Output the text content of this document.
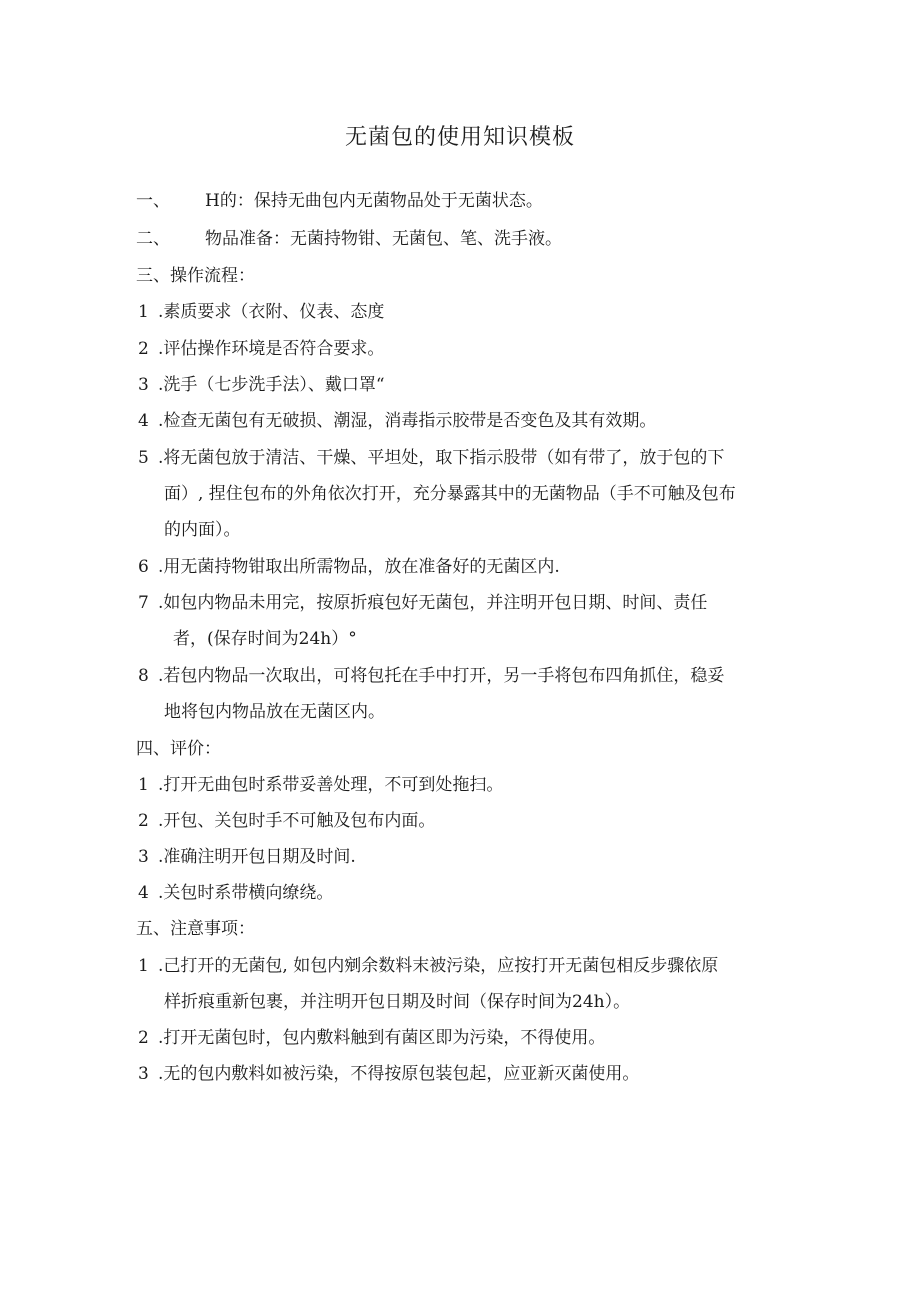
无菌包的使用知识模板
一、 H的：保持无曲包内无菌物品处于无菌状态。
二、 物品准备：无菌持物钳、无菌包、笔、洗手液。
三、操作流程：
1 .素质要求（衣附、仪表、态度
2 .评估操作环境是否符合要求。
3 .洗手（七步洗手法）、戴口罩“
4 .检查无菌包有无破损、潮湿，消毒指示胶带是否变色及其有效期。
5 .将无菌包放于清洁、干燥、平坦处，取下指示股带（如有带了，放于包的下
面）, 捏住包布的外角依次打开，充分暴露其中的无菌物品（手不可触及包布
的内面）。
6 .用无菌持物钳取出所需物品，放在准备好的无菌区内.
7 .如包内物品未用完，按原折痕包好无菌包，并注明开包日期、时间、责任
者，(保存时间为24h）°
8 .若包内物品一次取出，可将包托在手中打开，另一手将包布四角抓住，稳妥
地将包内物品放在无菌区内。
四、评价：
1 .打开无曲包时系带妥善处理，不可到处拖扫。
2 .开包、关包时手不可触及包布内面。
3 .准确注明开包日期及时间.
4 .关包时系带横向缭绕。
五、注意事项：
1 .己打开的无菌包, 如包内剜余数料末被污染，应按打开无菌包相反步骤依原
样折痕重新包裹，并注明开包日期及时间（保存时间为24h）。
2 .打开无菌包时，包内敷料触到有菌区即为污染，不得使用。
3 .无的包内敷料如被污染，不得按原包装包起，应亚新灭菌使用。
